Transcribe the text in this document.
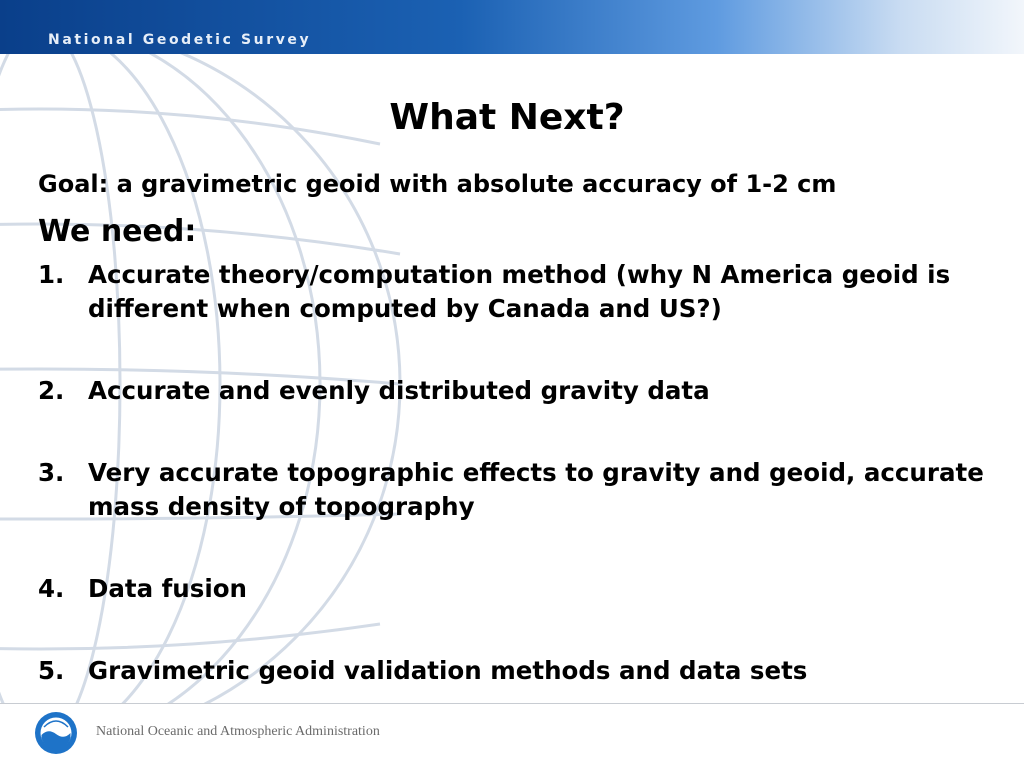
National Geodetic Survey
What Next?
Goal: a gravimetric geoid with absolute accuracy of 1-2 cm
We need:
1. Accurate theory/computation method (why N America geoid is different when computed by Canada and US?)
2. Accurate and evenly distributed gravity data
3. Very accurate topographic effects to gravity and geoid, accurate mass density of topography
4. Data fusion
5. Gravimetric geoid validation methods and data sets
National Oceanic and Atmospheric Administration
